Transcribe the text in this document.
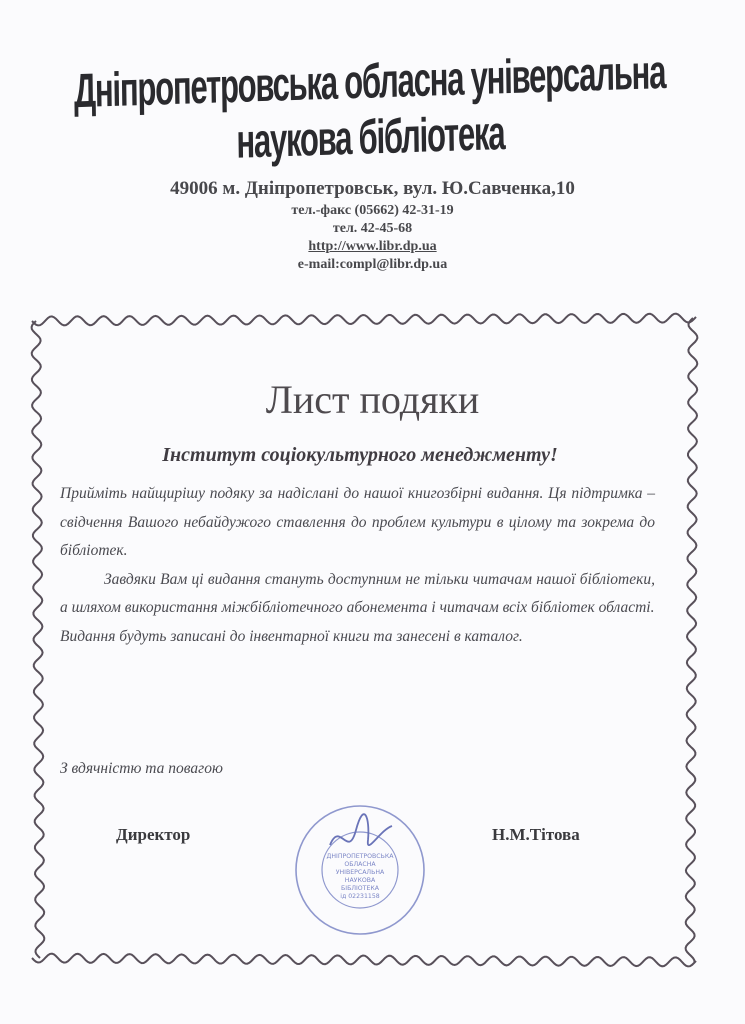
Дніпропетровська обласна універсальна наукова бібліотека
49006 м. Дніпропетровськ, вул. Ю.Савченка,10
тел.-факс (05662) 42-31-19
тел. 42-45-68
http://www.libr.dp.ua
e-mail:compl@libr.dp.ua
Лист подяки
Інститут соціокультурного менеджменту!

Прийміть найщирішу подяку за надіслані до нашої книгозбірні видання. Ця підтримка – свідчення Вашого небайдужого ставлення до проблем культури в цілому та зокрема до бібліотек.

Завдяки Вам ці видання стануть доступним не тільки читачам нашої бібліотеки, а шляхом використання міжбібліотечного абонемента і читачам всіх бібліотек області.

Видання будуть записані до інвентарної книги та занесені в каталог.

З вдячністю та повагою

Директор	Н.М.Тітова
ДНІПРОПЕТРОВСЬКА
ОБЛАСНА
УНІВЕРСАЛЬНА
НАУКОВА
БІБЛІОТЕКА
ід 02231158
